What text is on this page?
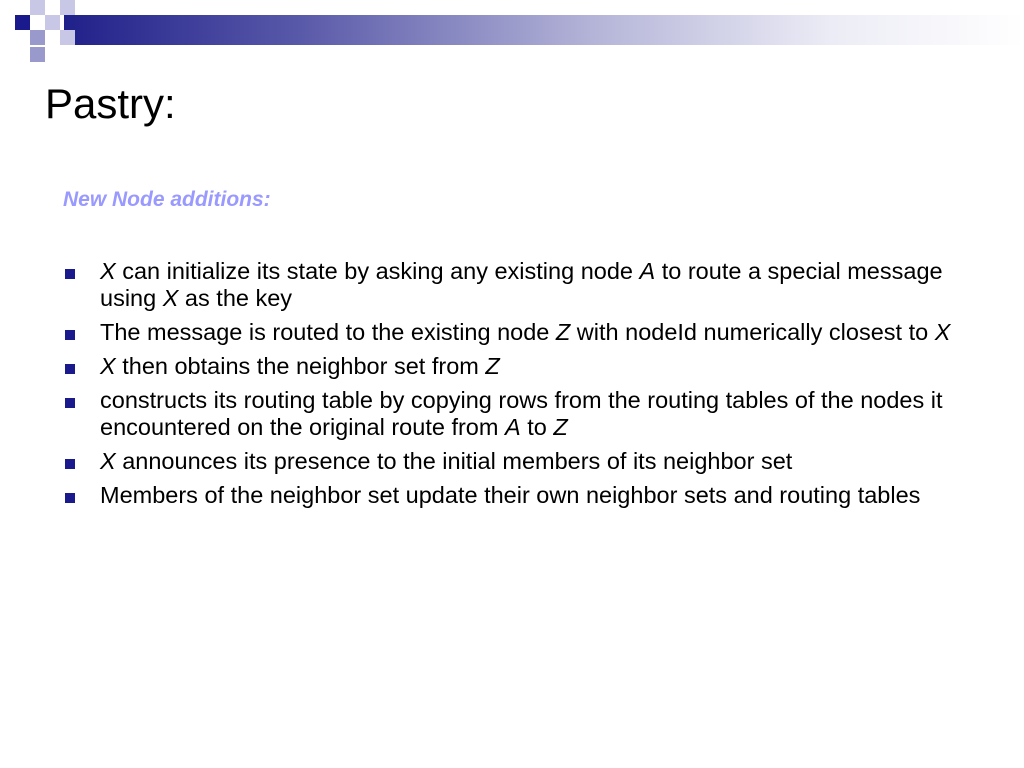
Pastry:

New Node additions:

X can initialize its state by asking any existing node A to route a special message using X as the key
The message is routed to the existing node Z with nodeId numerically closest to X
X then obtains the neighbor set from Z
constructs its routing table by copying rows from the routing tables of the nodes it encountered on the original route from A to Z
X announces its presence to the initial members of its neighbor set
Members of the neighbor set update their own neighbor sets and routing tables
